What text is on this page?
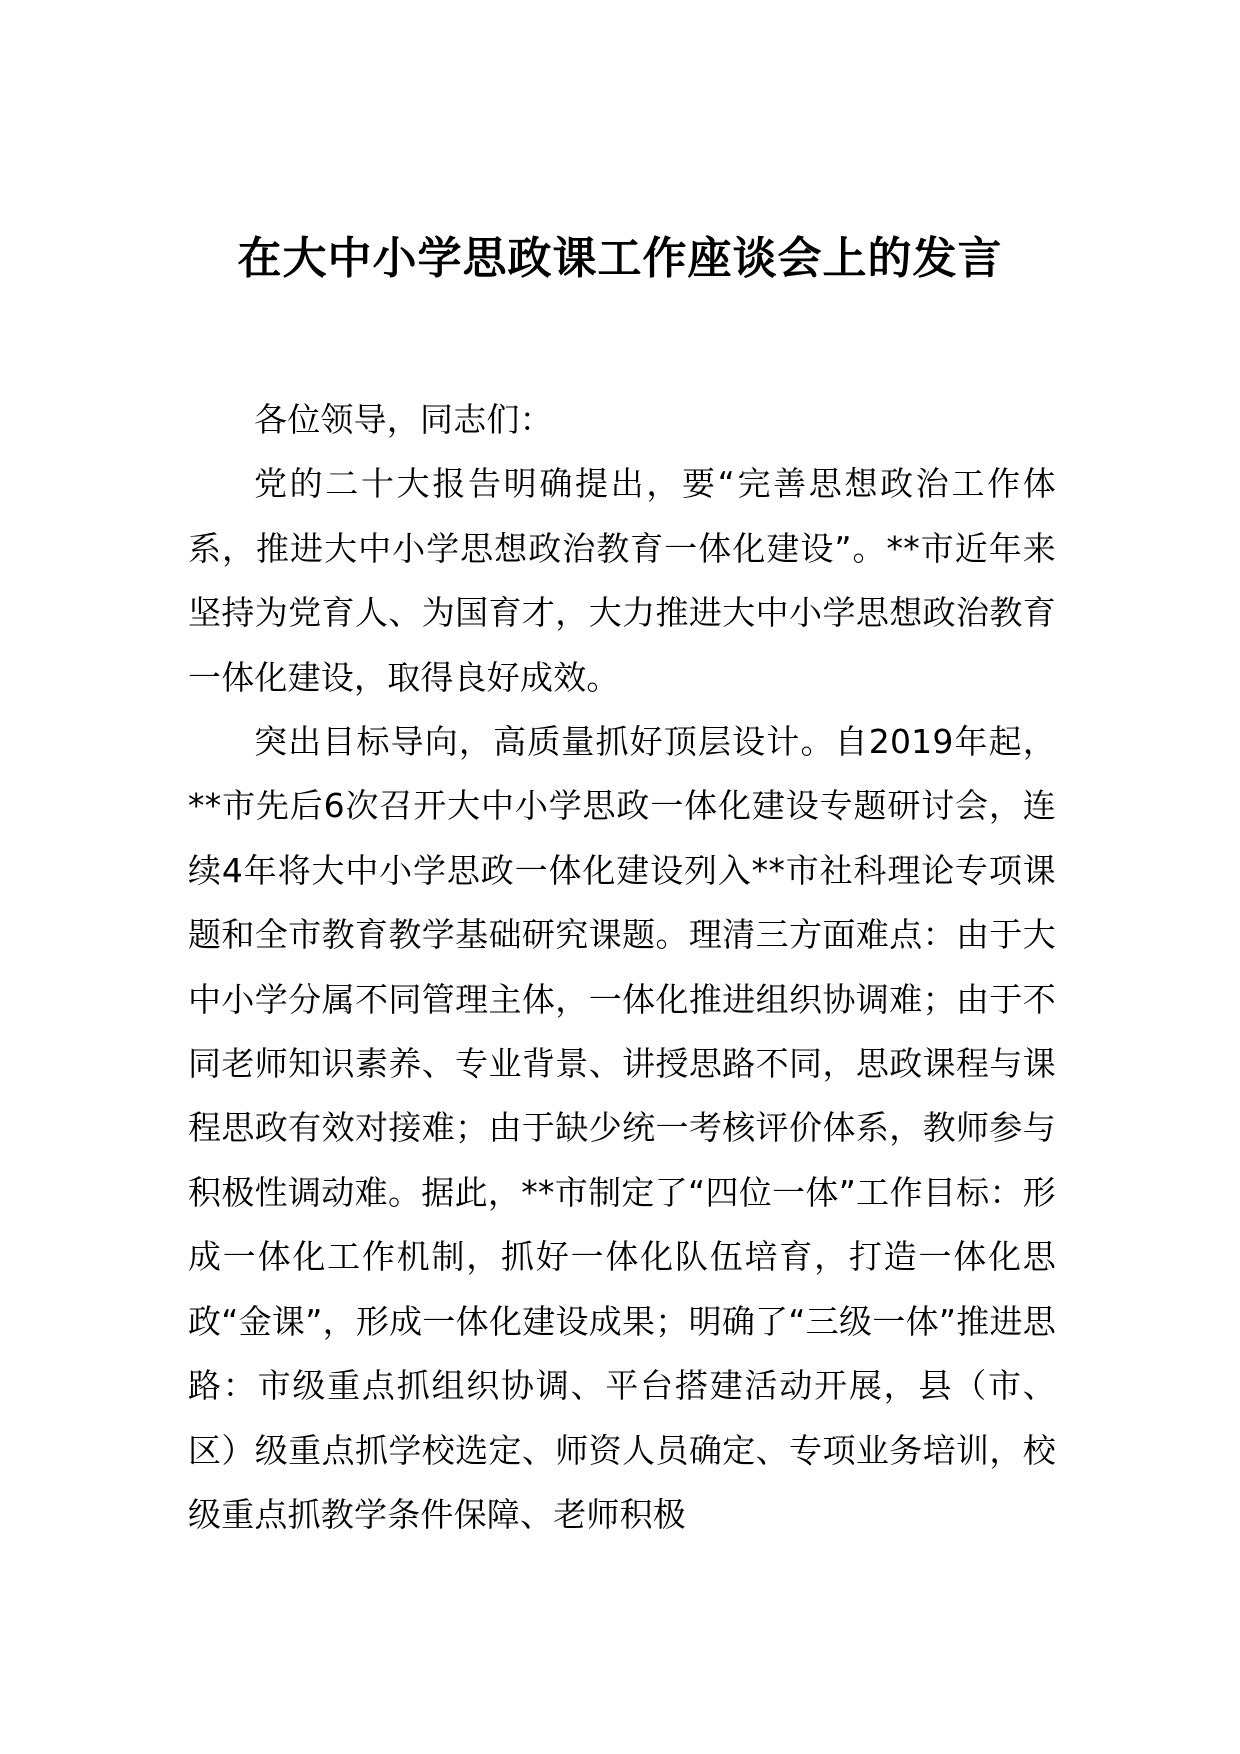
在大中小学思政课工作座谈会上的发言

各位领导，同志们：

党的二十大报告明确提出，要“完善思想政治工作体系，推进大中小学思想政治教育一体化建设”。**市近年来坚持为党育人、为国育才，大力推进大中小学思想政治教育一体化建设，取得良好成效。

突出目标导向，高质量抓好顶层设计。自2019年起，**市先后6次召开大中小学思政一体化建设专题研讨会，连续4年将大中小学思政一体化建设列入**市社科理论专项课题和全市教育教学基础研究课题。理清三方面难点：由于大中小学分属不同管理主体，一体化推进组织协调难；由于不同老师知识素养、专业背景、讲授思路不同，思政课程与课程思政有效对接难；由于缺少统一考核评价体系，教师参与积极性调动难。据此，**市制定了“四位一体”工作目标：形成一体化工作机制，抓好一体化队伍培育，打造一体化思政“金课”，形成一体化建设成果；明确了“三级一体”推进思路：市级重点抓组织协调、平台搭建活动开展，县（市、区）级重点抓学校选定、师资人员确定、专项业务培训，校级重点抓教学条件保障、老师积极
